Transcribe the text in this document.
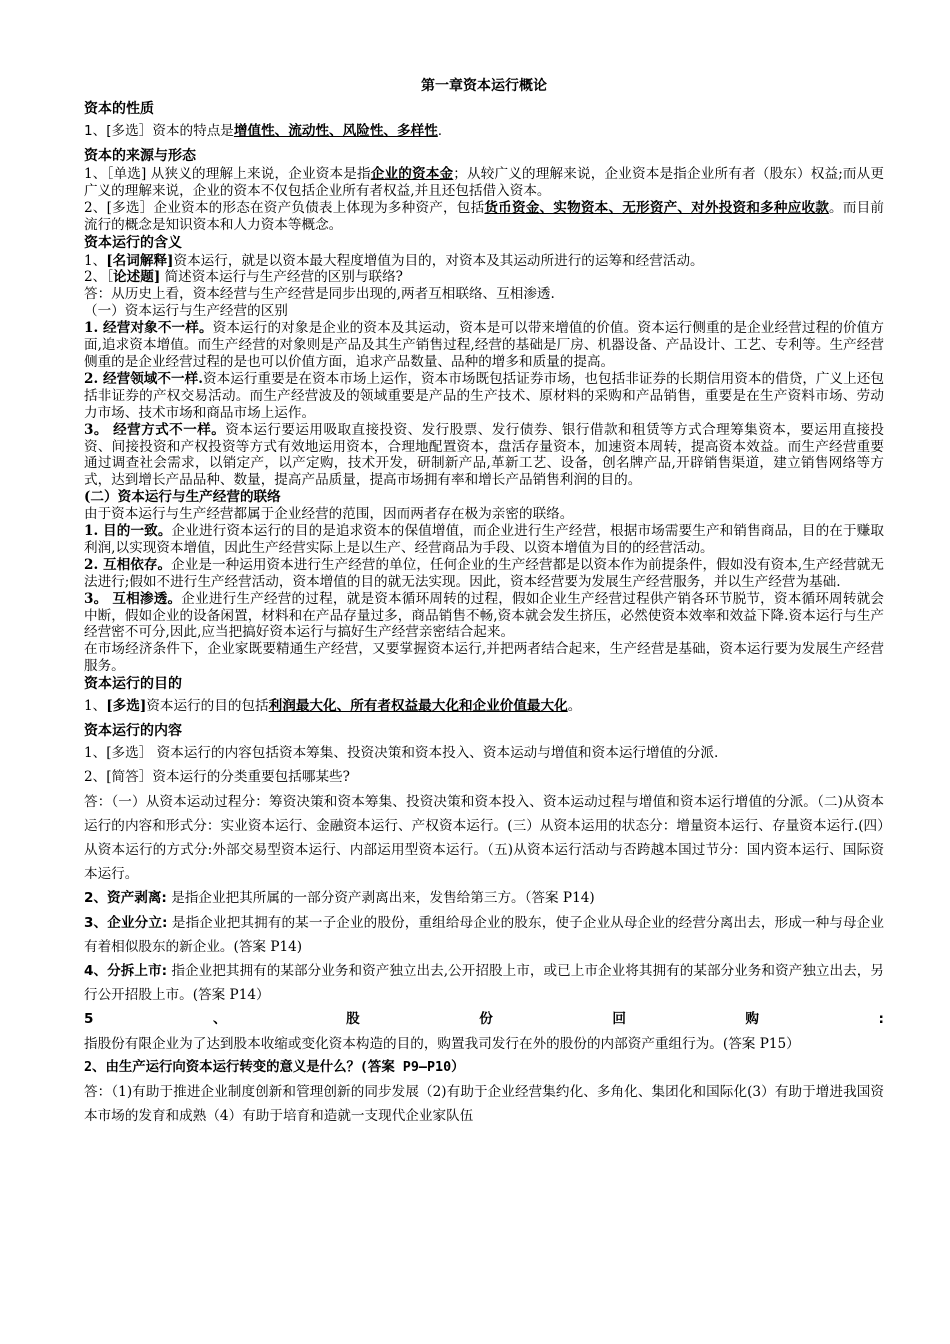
第一章资本运行概论
资本的性质

1、[多选］资本的特点是增值性、流动性、风险性、多样性.

资本的来源与形态

1、［单选] 从狭义的理解上来说，企业资本是指企业的资本金；从较广义的理解来说，企业资本是指企业所有者（股东）权益;而从更广义的理解来说，企业的资本不仅包括企业所有者权益,并且还包括借入资本。

2、[多选］企业资本的形态在资产负债表上体现为多种资产，包括货币资金、实物资本、无形资产、对外投资和多种应收款。而目前流行的概念是知识资本和人力资本等概念。

资本运行的含义

1、[名词解释]资本运行，就是以资本最大程度增值为目的，对资本及其运动所进行的运筹和经营活动。

2、［论述题] 简述资本运行与生产经营的区别与联络?

答：从历史上看，资本经营与生产经营是同步出现的,两者互相联络、互相渗透.

（一）资本运行与生产经营的区别

1. 经营对象不一样。资本运行的对象是企业的资本及其运动，资本是可以带来增值的价值。资本运行侧重的是企业经营过程的价值方面,追求资本增值。而生产经营的对象则是产品及其生产销售过程,经营的基础是厂房、机器设备、产品设计、工艺、专利等。生产经营侧重的是企业经营过程的是也可以价值方面，追求产品数量、品种的增多和质量的提高。

2. 经营领域不一样.资本运行重要是在资本市场上运作，资本市场既包括证券市场，也包括非证券的长期信用资本的借贷，广义上还包括非证券的产权交易活动。而生产经营波及的领域重要是产品的生产技术、原材料的采购和产品销售，重要是在生产资料市场、劳动力市场、技术市场和商品市场上运作。

3。 经营方式不一样。资本运行要运用吸取直接投资、发行股票、发行债券、银行借款和租赁等方式合理筹集资本，要运用直接投资、间接投资和产权投资等方式有效地运用资本，合理地配置资本，盘活存量资本，加速资本周转，提高资本效益。而生产经营重要通过调查社会需求，以销定产，以产定购，技术开发，研制新产品,革新工艺、设备，创名牌产品,开辟销售渠道，建立销售网络等方式，达到增长产品品种、数量，提高产品质量，提高市场拥有率和增长产品销售利润的目的。

(二）资本运行与生产经营的联络

由于资本运行与生产经营都属于企业经营的范围，因而两者存在极为亲密的联络。

1. 目的一致。企业进行资本运行的目的是追求资本的保值增值，而企业进行生产经营，根据市场需要生产和销售商品，目的在于赚取利润,以实现资本增值，因此生产经营实际上是以生产、经营商品为手段、以资本增值为目的的经营活动。

2. 互相依存。企业是一种运用资本进行生产经营的单位，任何企业的生产经营都是以资本作为前提条件，假如没有资本,生产经营就无法进行;假如不进行生产经营活动，资本增值的目的就无法实现。因此，资本经营要为发展生产经营服务，并以生产经营为基础.

3。 互相渗透。企业进行生产经营的过程，就是资本循环周转的过程，假如企业生产经营过程供产销各环节脱节，资本循环周转就会中断，假如企业的设备闲置，材料和在产品存量过多，商品销售不畅,资本就会发生挤压，必然使资本效率和效益下降.资本运行与生产经营密不可分,因此,应当把搞好资本运行与搞好生产经营亲密结合起来。

在市场经济条件下，企业家既要精通生产经营，又要掌握资本运行,并把两者结合起来，生产经营是基础，资本运行要为发展生产经营服务。

资本运行的目的

1、[多选]资本运行的目的包括利润最大化、所有者权益最大化和企业价值最大化。

资本运行的内容

1、[多选］ 资本运行的内容包括资本筹集、投资决策和资本投入、资本运动与增值和资本运行增值的分派.

2、[简答］资本运行的分类重要包括哪某些?

答：（一）从资本运动过程分：筹资决策和资本筹集、投资决策和资本投入、资本运动过程与增值和资本运行增值的分派。（二)从资本运行的内容和形式分：实业资本运行、金融资本运行、产权资本运行。(三）从资本运用的状态分：增量资本运行、存量资本运行.(四）从资本运行的方式分:外部交易型资本运行、内部运用型资本运行。（五)从资本运行活动与否跨越本国过节分：国内资本运行、国际资本运行。

2、资产剥离: 是指企业把其所属的一部分资产剥离出来，发售给第三方。（答案 P14)

3、企业分立: 是指企业把其拥有的某一子企业的股份，重组给母企业的股东，使子企业从母企业的经营分离出去，形成一种与母企业有着相似股东的新企业。(答案 P14)

4、分拆上市: 指企业把其拥有的某部分业务和资产独立出去,公开招股上市，或已上市企业将其拥有的某部分业务和资产独立出去，另行公开招股上市。(答案 P14）

5、股份回购: 指股份有限企业为了达到股本收缩或变化资本构造的目的，购置我司发行在外的股份的内部资产重组行为。(答案 P15）

2、由生产运行向资本运行转变的意义是什么？(答案 P9—P10）

答：（1)有助于推进企业制度创新和管理创新的同步发展（2)有助于企业经营集约化、多角化、集团化和国际化(3）有助于增进我国资本市场的发育和成熟（4）有助于培育和造就一支现代企业家队伍
